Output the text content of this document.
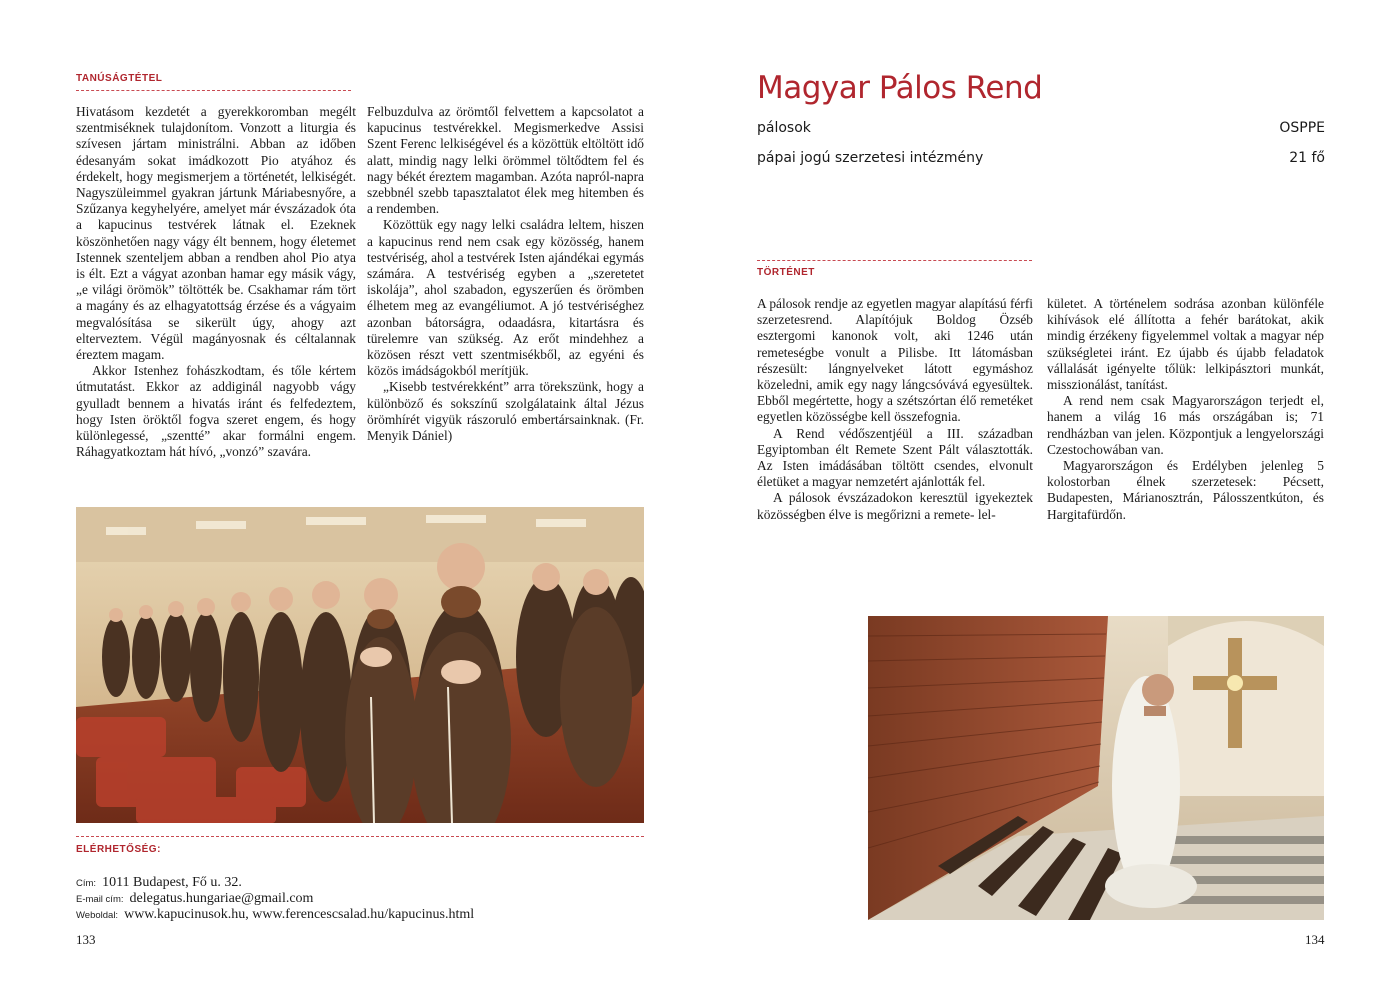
TANÚSÁGTÉTEL

Hivatásom kezdetét a gyerekkoromban megélt szentmiséknek tulajdonítom. Vonzott a liturgia és szívesen jártam ministrálni. Abban az időben édesanyám sokat imádkozott Pio atyához és érdekelt, hogy megismerjem a történetét, lelkiségét. Nagyszüleimmel gyakran jártunk Máriabesnyőre, a Szűzanya kegyhelyére, amelyet már évszázadok óta a kapucinus testvérek látnak el. Ezeknek köszönhetően nagy vágy élt bennem, hogy életemet Istennek szenteljem abban a rendben ahol Pio atya is élt. Ezt a vágyat azonban hamar egy másik vágy, „e világi örömök” töltötték be. Csakhamar rám tört a magány és az elhagyatottság érzése és a vágyaim megvalósítása se sikerült úgy, ahogy azt elterveztem. Végül magányosnak és céltalannak éreztem magam.

Akkor Istenhez fohászkodtam, és tőle kértem útmutatást. Ekkor az addiginál nagyobb vágy gyulladt bennem a hivatás iránt és felfedeztem, hogy Isten öröktől fogva szeret engem, és hogy különlegessé, „szentté” akar formálni engem. Ráhagyatkoztam hát hívó, „vonzó” szavára.

Felbuzdulva az örömtől felvettem a kapcsolatot a kapucinus testvérekkel. Megismerkedve Assisi Szent Ferenc lelkiségével és a közöttük eltöltött idő alatt, mindig nagy lelki örömmel töltődtem fel és nagy békét éreztem magamban. Azóta napról-napra szebbnél szebb tapasztalatot élek meg hitemben és a rendemben.

Közöttük egy nagy lelki családra leltem, hiszen a kapucinus rend nem csak egy közösség, hanem testvériség, ahol a testvérek Isten ajándékai egymás számára. A testvériség egyben a „szeretetet iskolája”, ahol szabadon, egyszerűen és örömben élhetem meg az evangéliumot. A jó testvériséghez azonban bátorságra, odaadásra, kitartásra és türelemre van szükség. Az erőt mindehhez a közösen részt vett szentmisékből, az egyéni és közös imádságokból merítjük.

„Kisebb testvérekként” arra törekszünk, hogy a különböző és sokszínű szolgálataink által Jézus örömhírét vigyük rászoruló embertársainknak. (Fr. Menyik Dániel)

ELÉRHETŐSÉG:
Cím: 1011 Budapest, Fő u. 32.
E-mail cím: delegatus.hungariae@gmail.com
Weboldal: www.kapucinusok.hu, www.ferencescsalad.hu/kapucinus.html
133
Magyar Pálos Rend
pálosok	OSPPE
pápai jogú szerzetesi intézmény	21 fő
TÖRTÉNET

A pálosok rendje az egyetlen magyar alapítású férfi szerzetesrend. Alapítójuk Boldog Özséb esztergomi kanonok volt, aki 1246 után remeteségbe vonult a Pilisbe. Itt látomásban részesült: lángnyelveket látott egymáshoz közeledni, amik egy nagy lángcsóvává egyesültek. Ebből megértette, hogy a szétszórtan élő remetéket egyetlen közösségbe kell összefognia.

A Rend védőszentjéül a III. században Egyiptomban élt Remete Szent Pált választották. Az Isten imádásában töltött csendes, elvonult életüket a magyar nemzetért ajánlották fel.

A pálosok évszázadokon keresztül igyekeztek közösségben élve is megőrizni a remete- lel-

kületet. A történelem sodrása azonban különféle kihívások elé állította a fehér barátokat, akik mindig érzékeny figyelemmel voltak a magyar nép szükségletei iránt. Ez újabb és újabb feladatok vállalását igényelte tőlük: lelkipásztori munkát, misszionálást, tanítást.

A rend nem csak Magyarországon terjedt el, hanem a világ 16 más országában is; 71 rendházban van jelen. Központjuk a lengyelországi Czestochowában van.

Magyarországon és Erdélyben jelenleg 5 kolostorban élnek szerzetesek: Pécsett, Budapesten, Márianosztrán, Pálosszentkúton, és Hargitafürdőn.

134
